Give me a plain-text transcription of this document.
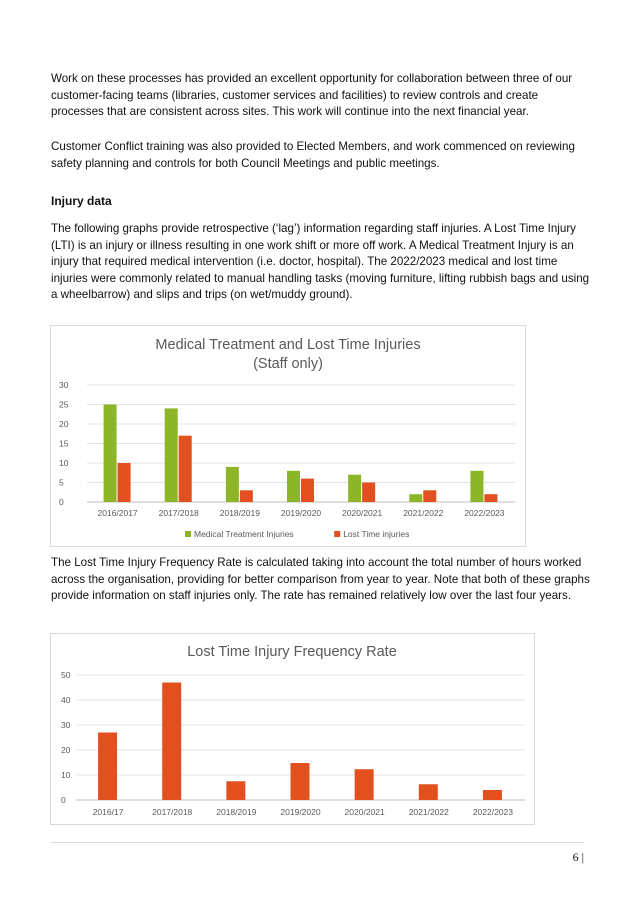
Work on these processes has provided an excellent opportunity for collaboration between three of our customer-facing teams (libraries, customer services and facilities) to review controls and create processes that are consistent across sites. This work will continue into the next financial year.

Customer Conflict training was also provided to Elected Members, and work commenced on reviewing safety planning and controls for both Council Meetings and public meetings.

Injury data

The following graphs provide retrospective (‘lag’) information regarding staff injuries. A Lost Time Injury (LTI) is an injury or illness resulting in one work shift or more off work. A Medical Treatment Injury is an injury that required medical intervention (i.e. doctor, hospital). The 2022/2023 medical and lost time injuries were commonly related to manual handling tasks (moving furniture, lifting rubbish bags and using a wheelbarrow) and slips and trips (on wet/muddy ground).

Medical Treatment and Lost Time Injuries
(Staff only)
0
5
10
15
20
25
30
2016/2017 2017/2018 2018/2019 2019/2020 2020/2021 2021/2022 2022/2023
Medical Treatment Injuries	Lost Time injuries

The Lost Time Injury Frequency Rate is calculated taking into account the total number of hours worked across the organisation, providing for better comparison from year to year. Note that both of these graphs provide information on staff injuries only. The rate has remained relatively low over the last four years.

Lost Time Injury Frequency Rate
0
10
20
30
40
50
2016/17	2017/2018	2018/2019	2019/2020	2020/2021	2021/2022	2022/2023
6 |
